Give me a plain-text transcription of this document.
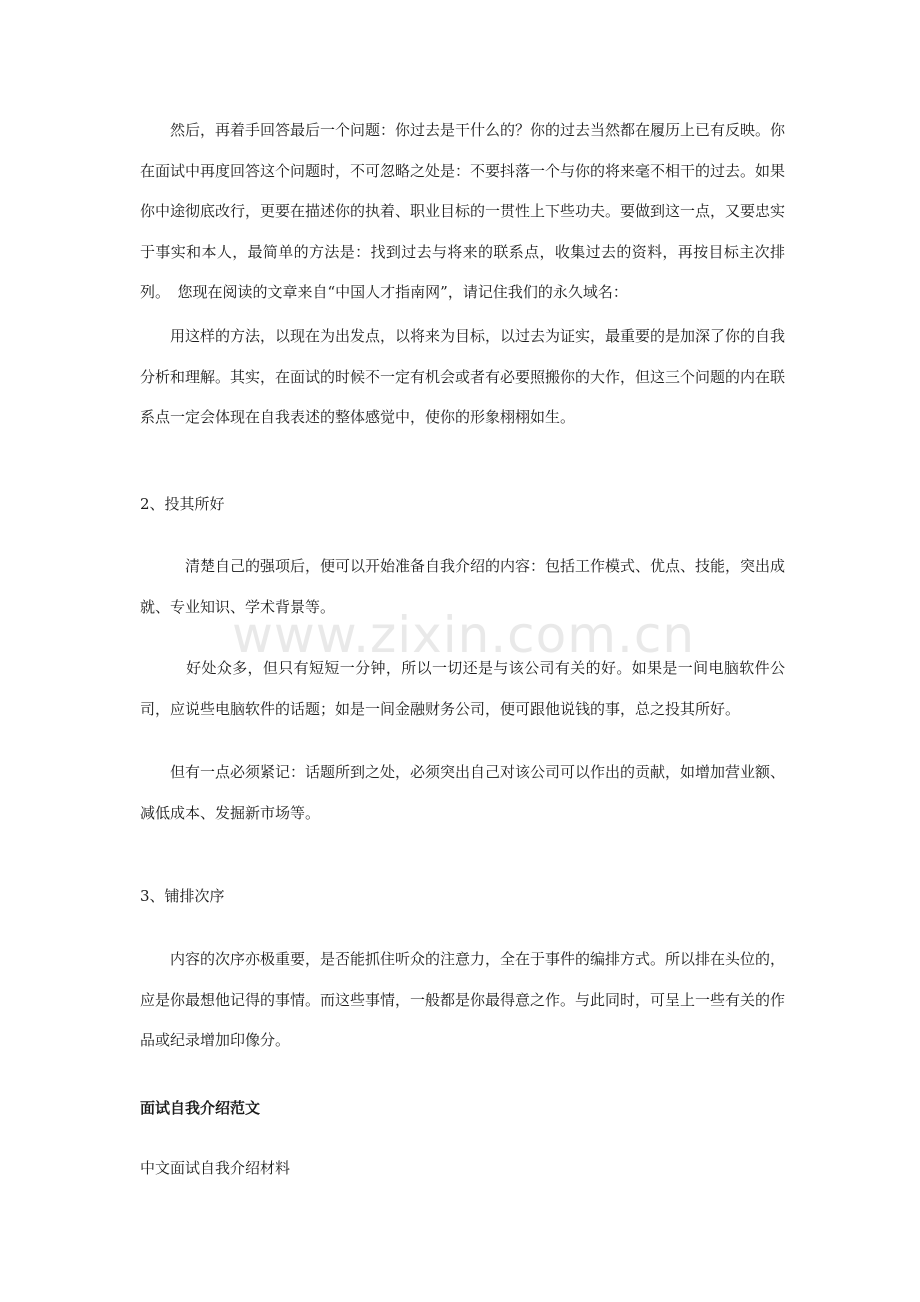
　　然后，再着手回答最后一个问题：你过去是干什么的？你的过去当然都在履历上已有反映。你在面试中再度回答这个问题时，不可忽略之处是：不要抖落一个与你的将来毫不相干的过去。如果你中途彻底改行，更要在描述你的执着、职业目标的一贯性上下些功夫。要做到这一点，又要忠实于事实和本人，最简单的方法是：找到过去与将来的联系点，收集过去的资料，再按目标主次排列。　您现在阅读的文章来自“中国人才指南网”，请记住我们的永久域名：

　　用这样的方法，以现在为出发点，以将来为目标，以过去为证实，最重要的是加深了你的自我分析和理解。其实，在面试的时候不一定有机会或者有必要照搬你的大作，但这三个问题的内在联系点一定会体现在自我表述的整体感觉中，使你的形象栩栩如生。

2、投其所好

　　　清楚自己的强项后，便可以开始准备自我介绍的内容：包括工作模式、优点、技能，突出成就、专业知识、学术背景等。

　　　好处众多，但只有短短一分钟，所以一切还是与该公司有关的好。如果是一间电脑软件公司，应说些电脑软件的话题；如是一间金融财务公司，便可跟他说钱的事，总之投其所好。

　　但有一点必须紧记：话题所到之处，必须突出自己对该公司可以作出的贡献，如增加营业额、减低成本、发掘新市场等。

3、铺排次序

　　内容的次序亦极重要，是否能抓住听众的注意力，全在于事件的编排方式。所以排在头位的，应是你最想他记得的事情。而这些事情，一般都是你最得意之作。与此同时，可呈上一些有关的作品或纪录增加印像分。

面试自我介绍范文

中文面试自我介绍材料

www.zixin.com.cn
